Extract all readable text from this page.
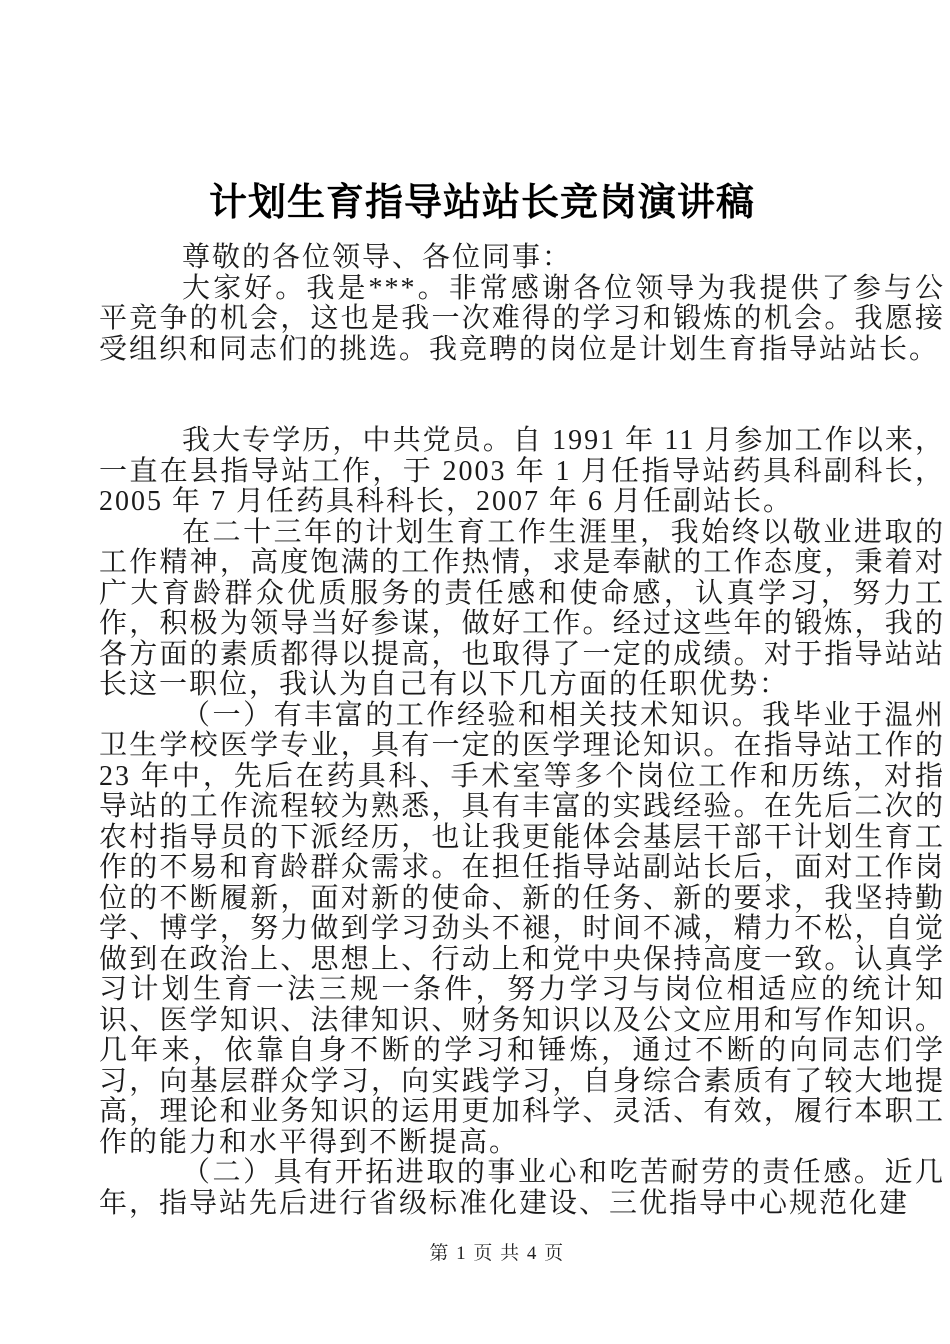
计划生育指导站站长竞岗演讲稿

尊敬的各位领导、各位同事：

大家好。我是***。非常感谢各位领导为我提供了参与公平竞争的机会，这也是我一次难得的学习和锻炼的机会。我愿接受组织和同志们的挑选。我竞聘的岗位是计划生育指导站站长。

我大专学历，中共党员。自 1991 年 11 月参加工作以来，一直在县指导站工作，于 2003 年 1 月任指导站药具科副科长，2005 年 7 月任药具科科长，2007 年 6 月任副站长。

在二十三年的计划生育工作生涯里，我始终以敬业进取的工作精神，高度饱满的工作热情，求是奉献的工作态度，秉着对广大育龄群众优质服务的责任感和使命感，认真学习，努力工作，积极为领导当好参谋，做好工作。经过这些年的锻炼，我的各方面的素质都得以提高，也取得了一定的成绩。对于指导站站长这一职位，我认为自己有以下几方面的任职优势：

（一）有丰富的工作经验和相关技术知识。我毕业于温州卫生学校医学专业，具有一定的医学理论知识。在指导站工作的 23 年中，先后在药具科、手术室等多个岗位工作和历练，对指导站的工作流程较为熟悉，具有丰富的实践经验。在先后二次的农村指导员的下派经历，也让我更能体会基层干部干计划生育工作的不易和育龄群众需求。在担任指导站副站长后，面对工作岗位的不断履新，面对新的使命、新的任务、新的要求，我坚持勤学、博学，努力做到学习劲头不褪，时间不减，精力不松，自觉做到在政治上、思想上、行动上和党中央保持高度一致。认真学习计划生育一法三规一条件，努力学习与岗位相适应的统计知识、医学知识、法律知识、财务知识以及公文应用和写作知识。几年来，依靠自身不断的学习和锤炼，通过不断的向同志们学习，向基层群众学习，向实践学习，自身综合素质有了较大地提高，理论和业务知识的运用更加科学、灵活、有效，履行本职工作的能力和水平得到不断提高。

（二）具有开拓进取的事业心和吃苦耐劳的责任感。近几年，指导站先后进行省级标准化建设、三优指导中心规范化建

第 1 页 共 4 页
